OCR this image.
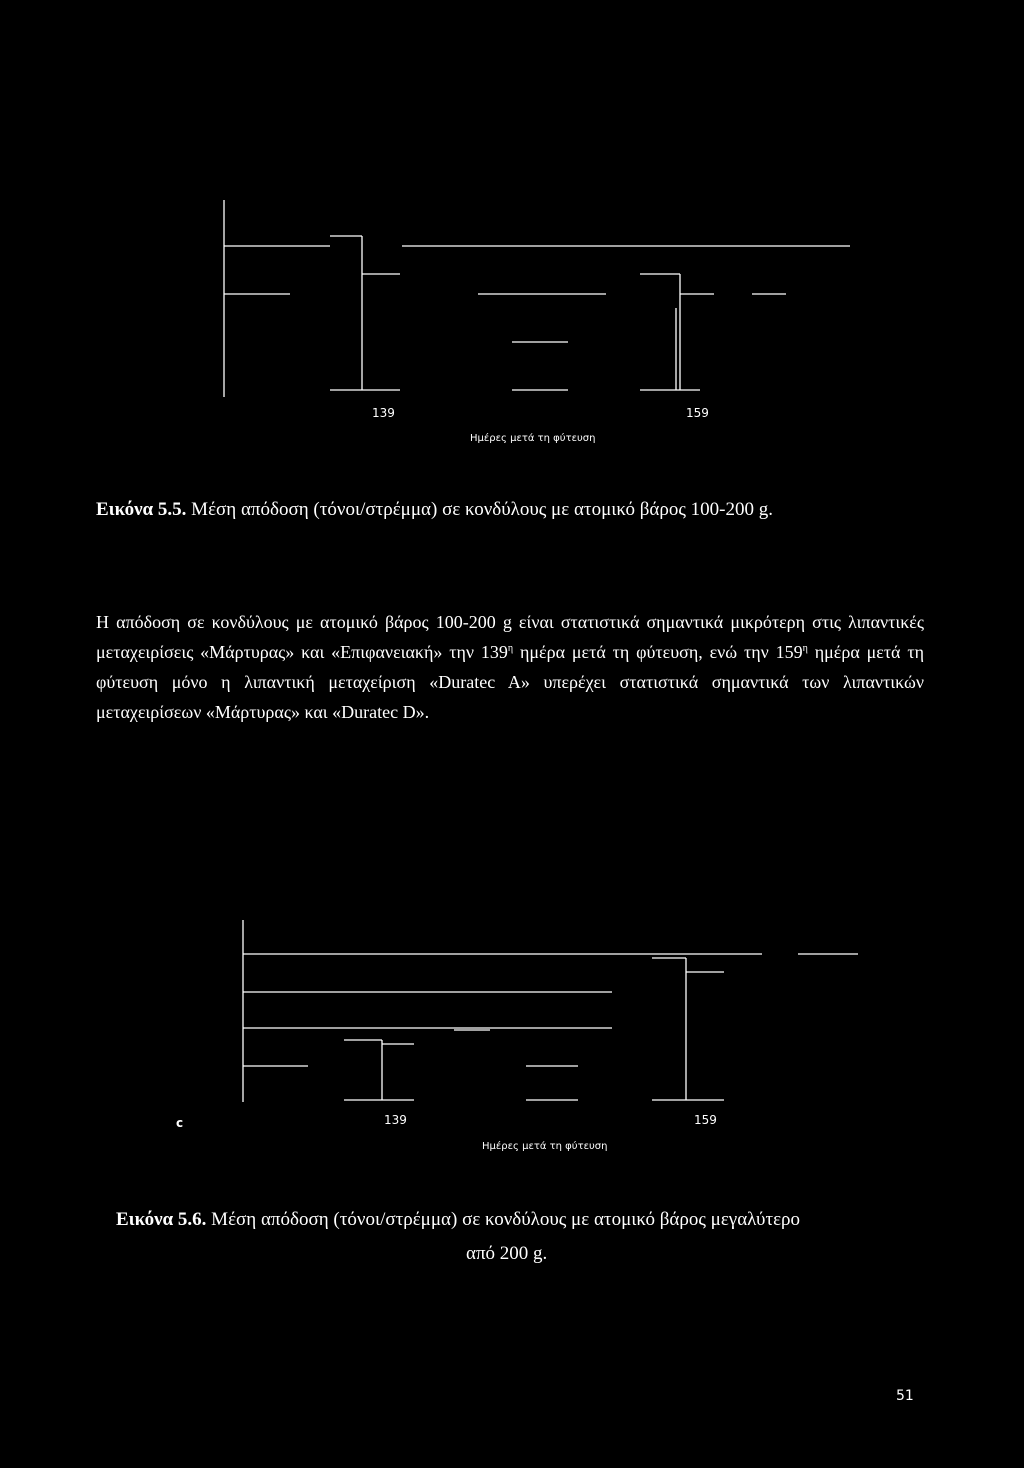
139	159
Ημέρες μετά τη φύτευση
Εικόνα 5.5. Μέση απόδοση (τόνοι/στρέμμα) σε κονδύλους με ατομικό βάρος 100-200 g.
Η απόδοση σε κονδύλους με ατομικό βάρος 100-200 g είναι στατιστικά σημαντικά μικρότερη στις λιπαντικές μεταχειρίσεις «Μάρτυρας» και «Επιφανειακή» την $139^\eta$ ημέρα μετά τη φύτευση, ενώ την $159^\eta$ ημέρα μετά τη φύτευση μόνο η λιπαντική μεταχείριση «Duratec A» υπερέχει στατιστικά σημαντικά των λιπαντικών μεταχειρίσεων «Μάρτυρας» και «Duratec D».
139	159
Ημέρες μετά τη φύτευση
c
Εικόνα 5.6. Μέση απόδοση (τόνοι/στρέμμα) σε κονδύλους με ατομικό βάρος μεγαλύτερο
από 200 g.
51
